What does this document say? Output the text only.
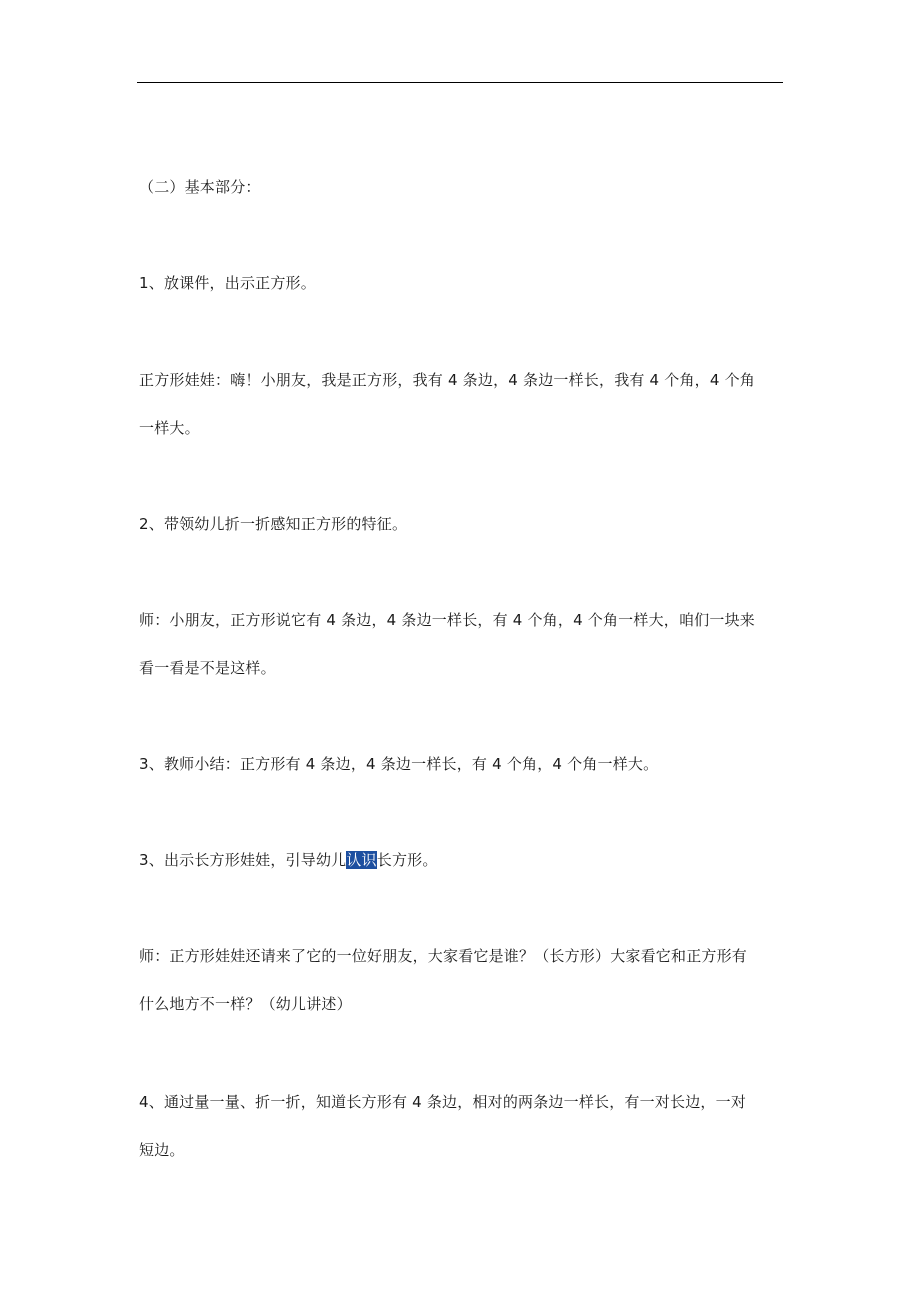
（二）基本部分：
1、放课件，出示正方形。
正方形娃娃：嗨！小朋友，我是正方形，我有 4 条边，4 条边一样长，我有 4 个角，4 个角
一样大。
2、带领幼儿折一折感知正方形的特征。
师：小朋友，正方形说它有 4 条边，4 条边一样长，有 4 个角，4 个角一样大，咱们一块来
看一看是不是这样。
3、教师小结：正方形有 4 条边，4 条边一样长，有 4 个角，4 个角一样大。
3、出示长方形娃娃，引导幼儿认识长方形。
师：正方形娃娃还请来了它的一位好朋友，大家看它是谁？（长方形）大家看它和正方形有
什么地方不一样？（幼儿讲述）
4、通过量一量、折一折，知道长方形有 4 条边，相对的两条边一样长，有一对长边，一对
短边。
